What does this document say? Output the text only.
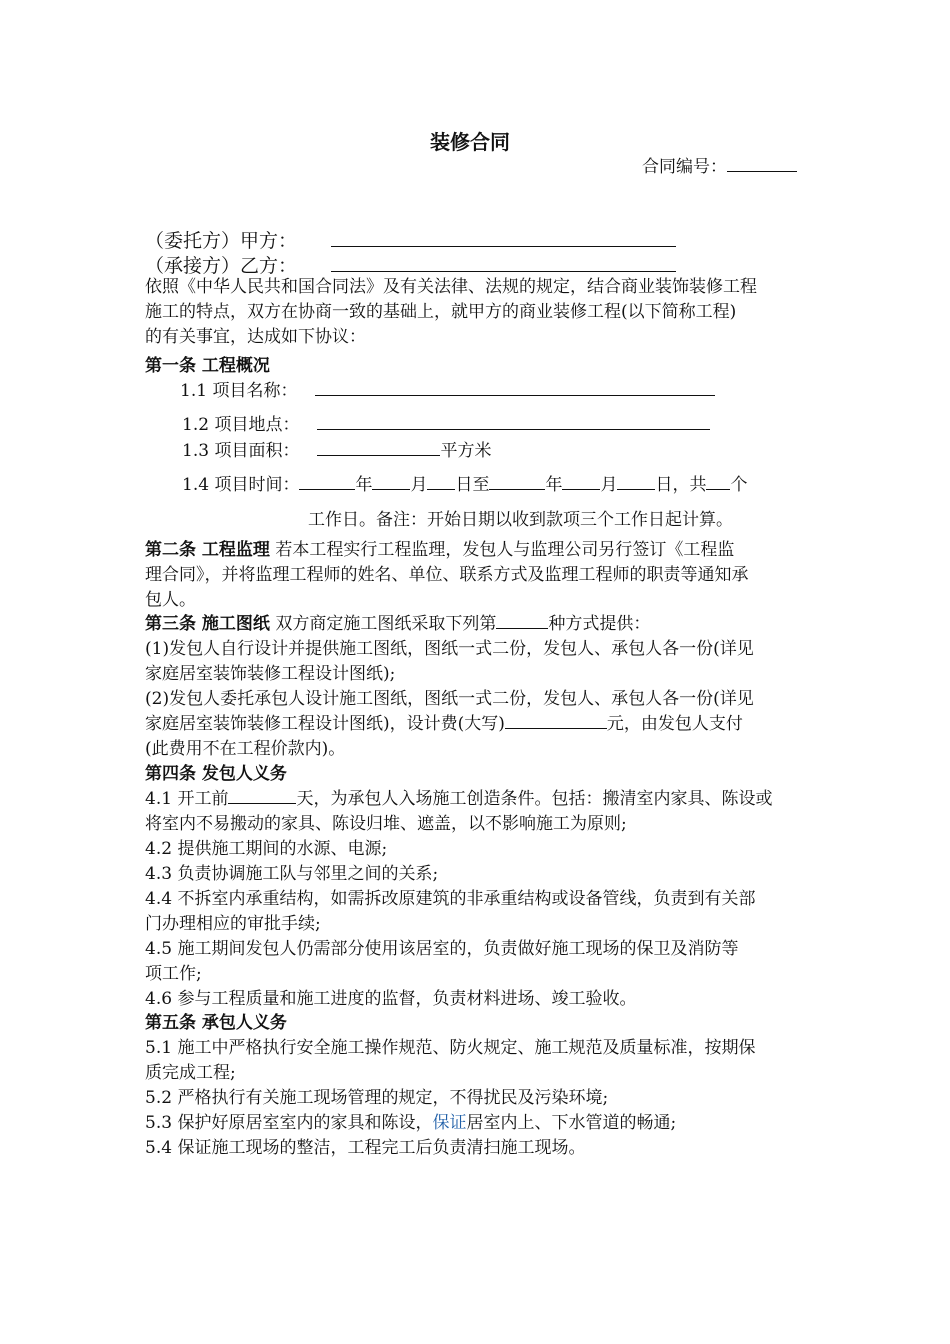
装修合同
合同编号：
（委托方）甲方：
（承接方）乙方：
依照《中华人民共和国合同法》及有关法律、法规的规定，结合商业装饰装修工程
施工的特点，双方在协商一致的基础上，就甲方的商业装修工程(以下简称工程)
的有关事宜，达成如下协议：
第一条 工程概况
1.1 项目名称：
1.2 项目地点：
1.3 项目面积：	平方米
1.4 项目时间：	年 月 日至	年 月 日，共 个
工作日。备注：开始日期以收到款项三个工作日起计算。
第二条 工程监理 若本工程实行工程监理，发包人与监理公司另行签订《工程监
理合同》，并将监理工程师的姓名、单位、联系方式及监理工程师的职责等通知承
包人。
第三条 施工图纸 双方商定施工图纸采取下列第	种方式提供：
(1)发包人自行设计并提供施工图纸，图纸一式二份，发包人、承包人各一份(详见
家庭居室装饰装修工程设计图纸);
(2)发包人委托承包人设计施工图纸，图纸一式二份，发包人、承包人各一份(详见
家庭居室装饰装修工程设计图纸)，设计费(大写)	元，由发包人支付
(此费用不在工程价款内)。
第四条 发包人义务
4.1 开工前	天，为承包人入场施工创造条件。包括：搬清室内家具、陈设或
将室内不易搬动的家具、陈设归堆、遮盖，以不影响施工为原则;
4.2 提供施工期间的水源、电源;
4.3 负责协调施工队与邻里之间的关系;
4.4 不拆室内承重结构，如需拆改原建筑的非承重结构或设备管线，负责到有关部
门办理相应的审批手续;
4.5 施工期间发包人仍需部分使用该居室的，负责做好施工现场的保卫及消防等
项工作;
4.6 参与工程质量和施工进度的监督，负责材料进场、竣工验收。
第五条 承包人义务
5.1 施工中严格执行安全施工操作规范、防火规定、施工规范及质量标准，按期保
质完成工程;
5.2 严格执行有关施工现场管理的规定，不得扰民及污染环境;
5.3 保护好原居室室内的家具和陈设，保证居室内上、下水管道的畅通;
5.4 保证施工现场的整洁，工程完工后负责清扫施工现场。
